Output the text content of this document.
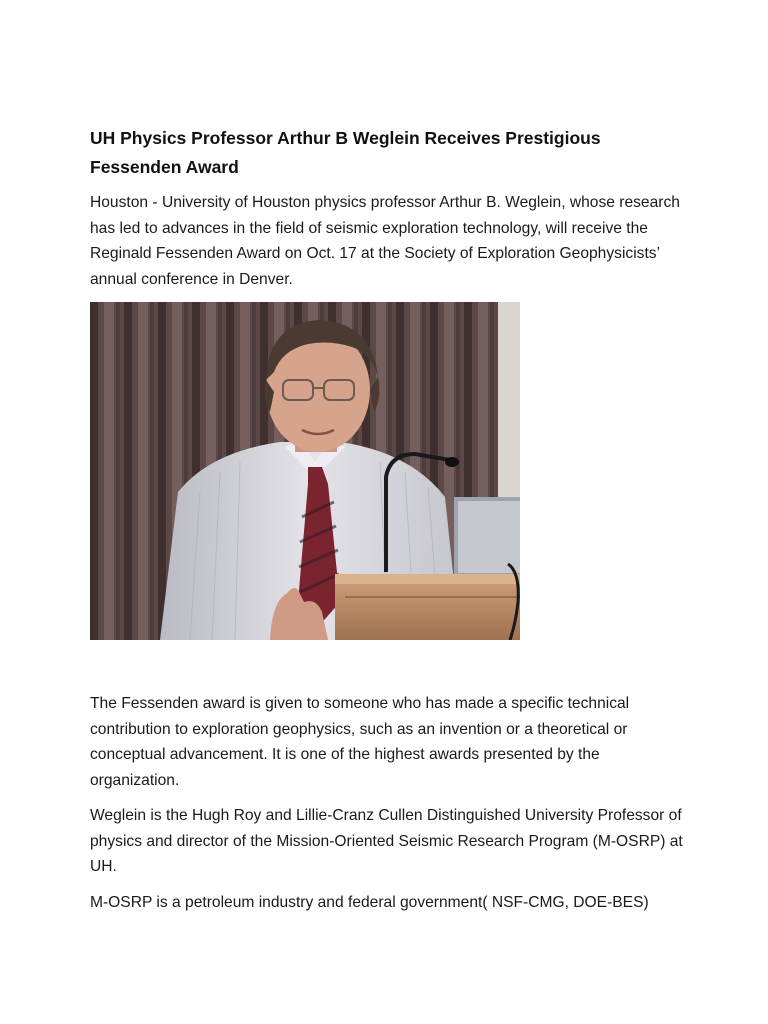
UH Physics Professor Arthur B Weglein Receives Prestigious Fessenden Award

Houston - University of Houston physics professor Arthur B. Weglein, whose research has led to advances in the field of seismic exploration technology, will receive the Reginald Fessenden Award on Oct. 17 at the Society of Exploration Geophysicists’ annual conference in Denver.

The Fessenden award is given to someone who has made a specific technical contribution to exploration geophysics, such as an invention or a theoretical or conceptual advancement. It is one of the highest awards presented by the organization.

Weglein is the Hugh Roy and Lillie-Cranz Cullen Distinguished University Professor of physics and director of the Mission-Oriented Seismic Research Program (M-OSRP) at UH.

M-OSRP is a petroleum industry and federal government( NSF-CMG, DOE-BES)
